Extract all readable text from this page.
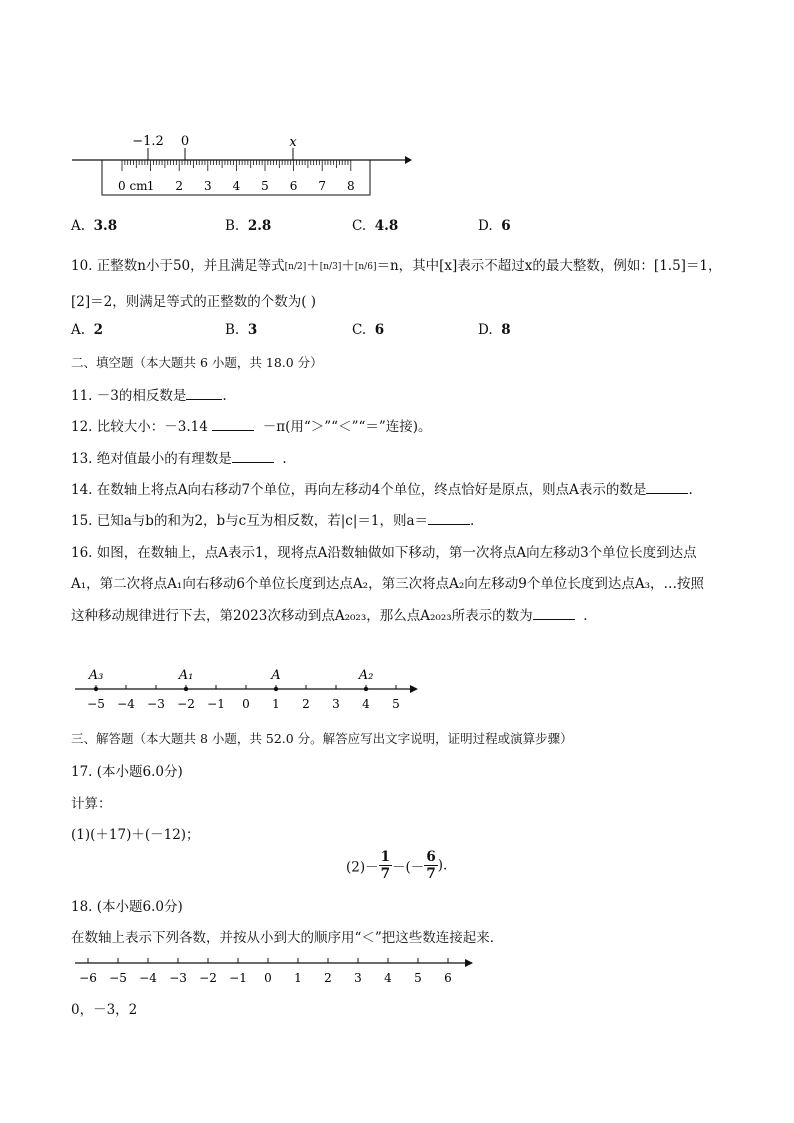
1 2 3 4 5 6 7 8
−1.2 0	x
0 cm
A. 3.8	B. 2.8	C. 4.8	D. 6
10. 正整数n小于50，并且满足等式[n/2]＋[n/3]＋[n/6]＝n，其中[x]表示不超过x的最大整数，例如：[1.5]＝1，
[2]＝2，则满足等式的正整数的个数为( )
A. 2	B. 3	C. 6	D. 8
二、填空题（本大题共 6 小题，共 18.0 分）
11. －3的相反数是	.
12. 比较大小：－3.14	－π(用“＞”“＜”“＝”连接)。
13. 绝对值最小的有理数是	.
14. 在数轴上将点A向右移动7个单位，再向左移动4个单位，终点恰好是原点，则点A表示的数是	.
15. 已知a与b的和为2，b与c互为相反数，若|c|＝1，则a＝	.
16. 如图，在数轴上，点A表示1，现将点A沿数轴做如下移动，第一次将点A向左移动3个单位长度到达点
A₁，第二次将点A₁向右移动6个单位长度到达点A₂，第三次将点A₂向左移动9个单位长度到达点A₃，…按照
这种移动规律进行下去，第2023次移动到点A₂₀₂₃，那么点A₂₀₂₃所表示的数为	.
−5 −4 −3 −2 −1 0 1 2 3 4 5
A₃	A₁	A	A₂
三、解答题（本大题共 8 小题，共 52.0 分。解答应写出文字说明，证明过程或演算步骤）
17. (本小题6.0分)
计算：
(1)(＋17)＋(－12)；
$(2)- \frac{1}{7}$ －(－ $\frac{6}{7}$ ).
18. (本小题6.0分)
在数轴上表示下列各数，并按从小到大的顺序用“＜”把这些数连接起来．
−6 −5 −4 −3 −2 −1 0 1 2 3 4 5 6
0，－3，2
